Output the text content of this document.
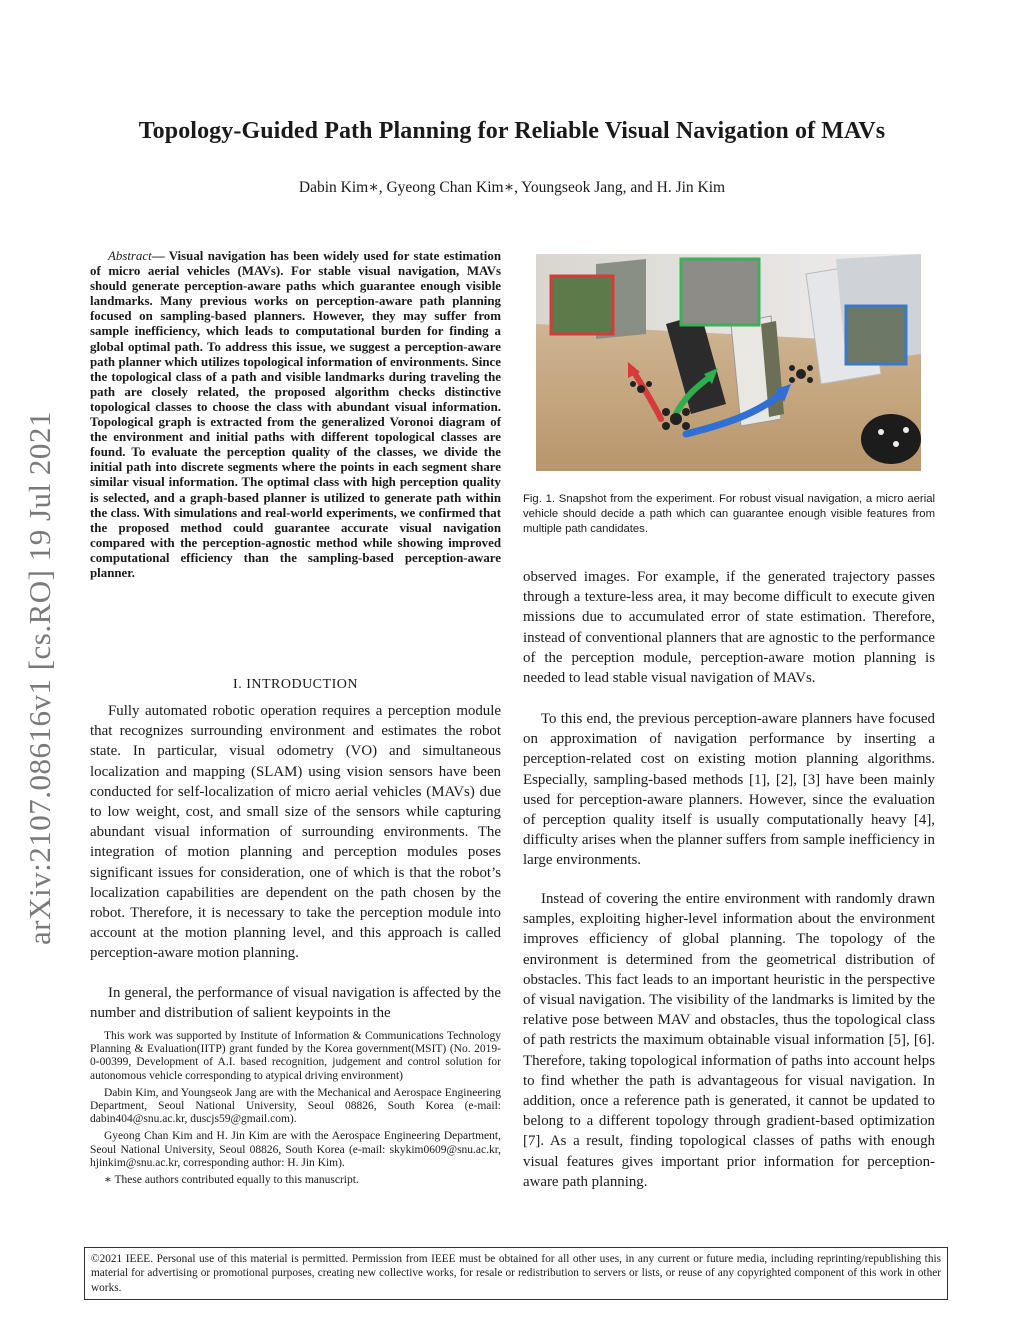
Topology-Guided Path Planning for Reliable Visual Navigation of MAVs
Dabin Kim∗, Gyeong Chan Kim∗, Youngseok Jang, and H. Jin Kim
arXiv:2107.08616v1 [cs.RO] 19 Jul 2021

Abstract— Visual navigation has been widely used for state estimation of micro aerial vehicles (MAVs). For stable visual navigation, MAVs should generate perception-aware paths which guarantee enough visible landmarks. Many previous works on perception-aware path planning focused on sampling-based planners. However, they may suffer from sample inefficiency, which leads to computational burden for finding a global optimal path. To address this issue, we suggest a perception-aware path planner which utilizes topological information of environments. Since the topological class of a path and visible landmarks during traveling the path are closely related, the proposed algorithm checks distinctive topological classes to choose the class with abundant visual information. Topological graph is extracted from the generalized Voronoi diagram of the environment and initial paths with different topological classes are found. To evaluate the perception quality of the classes, we divide the initial path into discrete segments where the points in each segment share similar visual information. The optimal class with high perception quality is selected, and a graph-based planner is utilized to generate path within the class. With simulations and real-world experiments, we confirmed that the proposed method could guarantee accurate visual navigation compared with the perception-agnostic method while showing improved computational efficiency than the sampling-based perception-aware planner.

I. INTRODUCTION

Fully automated robotic operation requires a perception module that recognizes surrounding environment and estimates the robot state. In particular, visual odometry (VO) and simultaneous localization and mapping (SLAM) using vision sensors have been conducted for self-localization of micro aerial vehicles (MAVs) due to low weight, cost, and small size of the sensors while capturing abundant visual information of surrounding environments. The integration of motion planning and perception modules poses significant issues for consideration, one of which is that the robot’s localization capabilities are dependent on the path chosen by the robot. Therefore, it is necessary to take the perception module into account at the motion planning level, and this approach is called perception-aware motion planning.

In general, the performance of visual navigation is affected by the number and distribution of salient keypoints in the

This work was supported by Institute of Information & Communications Technology Planning & Evaluation(IITP) grant funded by the Korea government(MSIT) (No. 2019-0-00399, Development of A.I. based recognition, judgement and control solution for autonomous vehicle corresponding to atypical driving environment)

Dabin Kim, and Youngseok Jang are with the Mechanical and Aerospace Engineering Department, Seoul National University, Seoul 08826, South Korea (e-mail: dabin404@snu.ac.kr, duscjs59@gmail.com).

Gyeong Chan Kim and H. Jin Kim are with the Aerospace Engineering Department, Seoul National University, Seoul 08826, South Korea (e-mail: skykim0609@snu.ac.kr, hjinkim@snu.ac.kr, corresponding author: H. Jin Kim).

∗ These authors contributed equally to this manuscript.

Fig. 1. Snapshot from the experiment. For robust visual navigation, a micro aerial vehicle should decide a path which can guarantee enough visible features from multiple path candidates.

observed images. For example, if the generated trajectory passes through a texture-less area, it may become difficult to execute given missions due to accumulated error of state estimation. Therefore, instead of conventional planners that are agnostic to the performance of the perception module, perception-aware motion planning is needed to lead stable visual navigation of MAVs.

To this end, the previous perception-aware planners have focused on approximation of navigation performance by inserting a perception-related cost on existing motion planning algorithms. Especially, sampling-based methods [1], [2], [3] have been mainly used for perception-aware planners. However, since the evaluation of perception quality itself is usually computationally heavy [4], difficulty arises when the planner suffers from sample inefficiency in large environments.

Instead of covering the entire environment with randomly drawn samples, exploiting higher-level information about the environment improves efficiency of global planning. The topology of the environment is determined from the geometrical distribution of obstacles. This fact leads to an important heuristic in the perspective of visual navigation. The visibility of the landmarks is limited by the relative pose between MAV and obstacles, thus the topological class of path restricts the maximum obtainable visual information [5], [6]. Therefore, taking topological information of paths into account helps to find whether the path is advantageous for visual navigation. In addition, once a reference path is generated, it cannot be updated to belong to a different topology through gradient-based optimization [7]. As a result, finding topological classes of paths with enough visual features gives important prior information for perception-aware path planning.

©2021 IEEE. Personal use of this material is permitted. Permission from IEEE must be obtained for all other uses, in any current or future media, including reprinting/republishing this material for advertising or promotional purposes, creating new collective works, for resale or redistribution to servers or lists, or reuse of any copyrighted component of this work in other works.
